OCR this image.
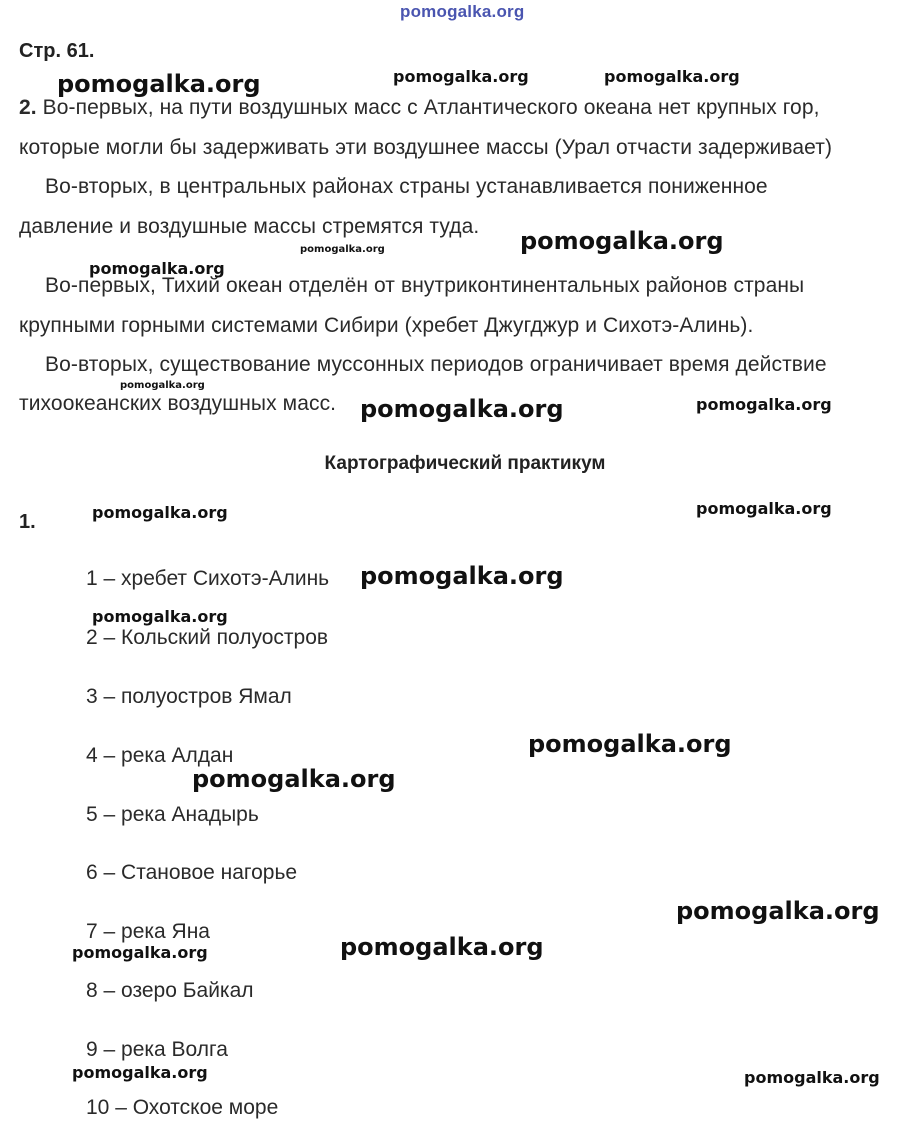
pomogalka.org
Стр. 61.
2. Во-первых, на пути воздушных масс с Атлантического океана нет крупных гор,
которые могли бы задерживать эти воздушнее массы (Урал отчасти задерживает)
Во-вторых, в центральных районах страны устанавливается пониженное
давление и воздушные массы стремятся туда.
Во-первых, Тихий океан отделён от внутриконтинентальных районов страны
крупными горными системами Сибири (хребет Джугджур и Сихотэ-Алинь).
Во-вторых, существование муссонных периодов ограничивает время действие
тихоокеанских воздушных масс.
Картографический практикум
1.
1 – хребет Сихотэ-Алинь
2 – Кольский полуостров
3 – полуостров Ямал
4 – река Алдан
5 – река Анадырь
6 – Становое нагорье
7 – река Яна
8 – озеро Байкал
9 – река Волга
10 – Охотское море
pomogalka.org	pomogalka.org	pomogalka.org
pomogalka.org
pomogalka.org
pomogalka.org
pomogalka.org
pomogalka.org	pomogalka.org
pomogalka.org	pomogalka.org
pomogalka.org
pomogalka.org
pomogalka.org
pomogalka.org
pomogalka.org
pomogalka.org
pomogalka.org
pomogalka.org	pomogalka.org
